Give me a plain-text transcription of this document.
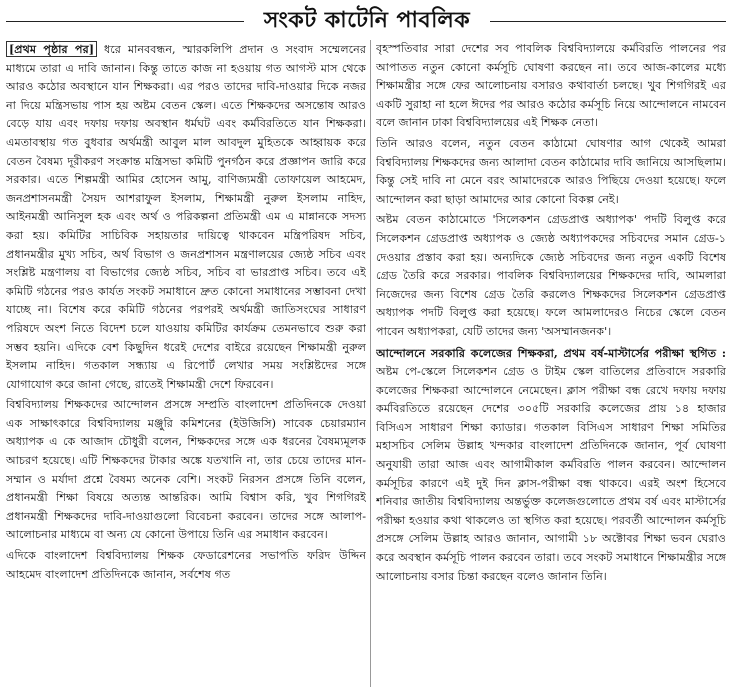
সংকট কাটেনি পাবলিক

[প্রথম পৃষ্ঠার পর] ধরে মানববন্ধন, স্মারকলিপি প্রদান ও সংবাদ সম্মেলনের মাধ্যমে তারা এ দাবি জানান। কিন্তু তাতে কাজ না হওয়ায় গত আগস্ট মাস থেকে আরও কঠোর অবস্থানে যান শিক্ষকরা। এর পরও তাদের দাবি-দাওয়ার দিকে নজর না দিয়ে মন্ত্রিসভায় পাস হয় অষ্টম বেতন স্কেল। এতে শিক্ষকদের অসন্তোষ আরও বেড়ে যায় এবং দফায় দফায় অবস্থান ধর্মঘট এবং কর্মবিরতিতে যান শিক্ষকরা। এমতাবস্থায় গত বুধবার অর্থমন্ত্রী আবুল মাল আবদুল মুহিতকে আহ্বায়ক করে বেতন বৈষম্য দূরীকরণ সংক্রান্ত মন্ত্রিসভা কমিটি পুনর্গঠন করে প্রজ্ঞাপন জারি করে সরকার। এতে শিল্পমন্ত্রী আমির হোসেন আমু, বাণিজ্যমন্ত্রী তোফায়েল আহমেদ, জনপ্রশাসনমন্ত্রী সৈয়দ আশরাফুল ইসলাম, শিক্ষামন্ত্রী নুরুল ইসলাম নাহিদ, আইনমন্ত্রী আনিসুল হক এবং অর্থ ও পরিকল্পনা প্রতিমন্ত্রী এম এ মান্নানকে সদস্য করা হয়। কমিটির সাচিবিক সহায়তার দায়িত্বে থাকবেন মন্ত্রিপরিষদ সচিব, প্রধানমন্ত্রীর মুখ্য সচিব, অর্থ বিভাগ ও জনপ্রশাসন মন্ত্রণালয়ের জ্যেষ্ঠ সচিব এবং সংশ্লিষ্ট মন্ত্রণালয় বা বিভাগের জ্যেষ্ঠ সচিব, সচিব বা ভারপ্রাপ্ত সচিব। তবে এই কমিটি গঠনের পরও কার্যত সংকট সমাধানে দ্রুত কোনো সমাধানের সম্ভাবনা দেখা যাচ্ছে না। বিশেষ করে কমিটি গঠনের পরপরই অর্থমন্ত্রী জাতিসংঘের সাধারণ পরিষদে অংশ নিতে বিদেশ চলে যাওয়ায় কমিটির কার্যক্রম তেমনভাবে শুরু করা সম্ভব হয়নি। এদিকে বেশ কিছুদিন ধরেই দেশের বাইরে রয়েছেন শিক্ষামন্ত্রী নুরুল ইসলাম নাহিদ। গতকাল সন্ধ্যায় এ রিপোর্ট লেখার সময় সংশ্লিষ্টদের সঙ্গে যোগাযোগ করে জানা গেছে, রাতেই শিক্ষামন্ত্রী দেশে ফিরবেন।

বিশ্ববিদ্যালয় শিক্ষকদের আন্দোলন প্রসঙ্গে সম্প্রতি বাংলাদেশ প্রতিদিনকে দেওয়া এক সাক্ষাৎকারে বিশ্ববিদ্যালয় মঞ্জুরি কমিশনের (ইউজিসি) সাবেক চেয়ারম্যান অধ্যাপক এ কে আজাদ চৌধুরী বলেন, শিক্ষকদের সঙ্গে এক ধরনের বৈষম্যমূলক আচরণ হয়েছে। এটি শিক্ষকদের টাকার অঙ্কে যতখানি না, তার চেয়ে তাদের মান-সম্মান ও মর্যাদা প্রশ্নে বৈষম্য অনেক বেশি। সংকট নিরসন প্রসঙ্গে তিনি বলেন, প্রধানমন্ত্রী শিক্ষা বিষয়ে অত্যন্ত আন্তরিক। আমি বিশ্বাস করি, খুব শিগগিরই প্রধানমন্ত্রী শিক্ষকদের দাবি-দাওয়াগুলো বিবেচনা করবেন। তাদের সঙ্গে আলাপ-আলোচনার মাধ্যমে বা অন্য যে কোনো উপায়ে তিনি এর সমাধান করবেন।

এদিকে বাংলাদেশ বিশ্ববিদ্যালয় শিক্ষক ফেডারেশনের সভাপতি ফরিদ উদ্দিন আহমেদ বাংলাদেশ প্রতিদিনকে জানান, সর্বশেষ গত

বৃহস্পতিবার সারা দেশের সব পাবলিক বিশ্ববিদ্যালয়ে কর্মবিরতি পালনের পর আপাতত নতুন কোনো কর্মসূচি ঘোষণা করছেন না। তবে আজ-কালের মধ্যে শিক্ষামন্ত্রীর সঙ্গে ফের আলোচনায় বসারও কথাবার্তা চলছে। খুব শিগগিরই এর একটি সুরাহা না হলে ঈদের পর আরও কঠোর কর্মসূচি নিয়ে আন্দোলনে নামবেন বলে জানান ঢাকা বিশ্ববিদ্যালয়ের এই শিক্ষক নেতা।

তিনি আরও বলেন, নতুন বেতন কাঠামো ঘোষণার আগ থেকেই আমরা বিশ্ববিদ্যালয় শিক্ষকদের জন্য আলাদা বেতন কাঠামোর দাবি জানিয়ে আসছিলাম। কিন্তু সেই দাবি না মেনে বরং আমাদেরকে আরও পিছিয়ে দেওয়া হয়েছে। ফলে আন্দোলন করা ছাড়া আমাদের আর কোনো বিকল্প নেই।

অষ্টম বেতন কাঠামোতে 'সিলেকশন গ্রেডপ্রাপ্ত অধ্যাপক' পদটি বিলুপ্ত করে সিলেকশন গ্রেডপ্রাপ্ত অধ্যাপক ও জ্যেষ্ঠ অধ্যাপকদের সচিবদের সমান গ্রেড-১ দেওয়ার প্রস্তাব করা হয়। অন্যদিকে জ্যেষ্ঠ সচিবদের জন্য নতুন একটি বিশেষ গ্রেড তৈরি করে সরকার। পাবলিক বিশ্ববিদ্যালয়ের শিক্ষকদের দাবি, আমলারা নিজেদের জন্য বিশেষ গ্রেড তৈরি করলেও শিক্ষকদের সিলেকশন গ্রেডপ্রাপ্ত অধ্যাপক পদটি বিলুপ্ত করা হয়েছে। ফলে আমলাদেরও নিচের স্কেলে বেতন পাবেন অধ্যাপকরা, যেটি তাদের জন্য 'অসম্মানজনক'।

আন্দোলনে সরকারি কলেজের শিক্ষকরা, প্রথম বর্ষ-মাস্টার্সের পরীক্ষা স্থগিত : অষ্টম পে-স্কেলে সিলেকশন গ্রেড ও টাইম স্কেল বাতিলের প্রতিবাদে সরকারি কলেজের শিক্ষকরা আন্দোলনে নেমেছেন। ক্লাস পরীক্ষা বন্ধ রেখে দফায় দফায় কর্মবিরতিতে রয়েছেন দেশের ৩০৫টি সরকারি কলেজের প্রায় ১৪ হাজার বিসিএস সাধারণ শিক্ষা ক্যাডার। গতকাল বিসিএস সাধারণ শিক্ষা সমিতির মহাসচিব সেলিম উল্লাহ খন্দকার বাংলাদেশ প্রতিদিনকে জানান, পূর্ব ঘোষণা অনুযায়ী তারা আজ এবং আগামীকাল কর্মবিরতি পালন করবেন। আন্দোলন কর্মসূচির কারণে এই দুই দিন ক্লাস-পরীক্ষা বন্ধ থাকবে। এরই অংশ হিসেবে শনিবার জাতীয় বিশ্ববিদ্যালয় অন্তর্ভুক্ত কলেজগুলোতে প্রথম বর্ষ এবং মাস্টার্সের পরীক্ষা হওয়ার কথা থাকলেও তা স্থগিত করা হয়েছে। পরবর্তী আন্দোলন কর্মসূচি প্রসঙ্গে সেলিম উল্লাহ আরও জানান, আগামী ১৮ অক্টোবর শিক্ষা ভবন ঘেরাও করে অবস্থান কর্মসূচি পালন করবেন তারা। তবে সংকট সমাধানে শিক্ষামন্ত্রীর সঙ্গে আলোচনায় বসার চিন্তা করছেন বলেও জানান তিনি।
